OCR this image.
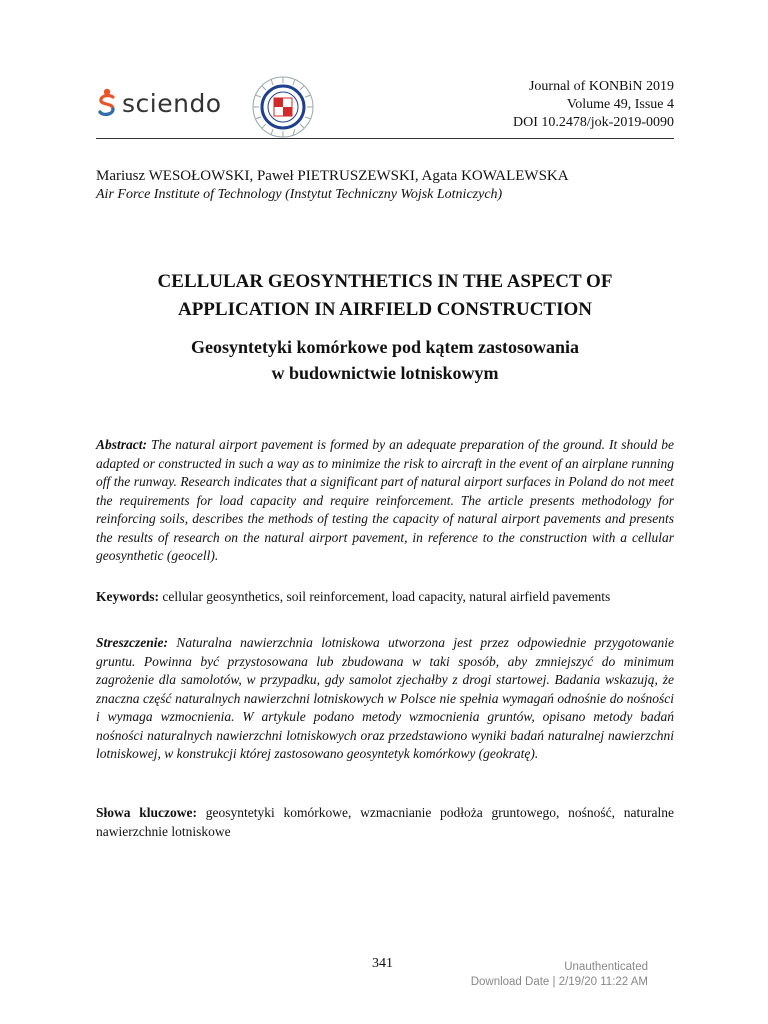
sciendo
Journal of KONBiN 2019
Volume 49, Issue 4
DOI 10.2478/jok-2019-0090
Mariusz WESOŁOWSKI, Paweł PIETRUSZEWSKI, Agata KOWALEWSKA
Air Force Institute of Technology (Instytut Techniczny Wojsk Lotniczych)
CELLULAR GEOSYNTHETICS IN THE ASPECT OF
APPLICATION IN AIRFIELD CONSTRUCTION
Geosyntetyki komórkowe pod kątem zastosowania
w budownictwie lotniskowym
Abstract: The natural airport pavement is formed by an adequate preparation of the ground. It should be adapted or constructed in such a way as to minimize the risk to aircraft in the event of an airplane running off the runway. Research indicates that a significant part of natural airport surfaces in Poland do not meet the requirements for load capacity and require reinforcement. The article presents methodology for reinforcing soils, describes the methods of testing the capacity of natural airport pavements and presents the results of research on the natural airport pavement, in reference to the construction with a cellular geosynthetic (geocell).
Keywords: cellular geosynthetics, soil reinforcement, load capacity, natural airfield pavements
Streszczenie: Naturalna nawierzchnia lotniskowa utworzona jest przez odpowiednie przygotowanie gruntu. Powinna być przystosowana lub zbudowana w taki sposób, aby zmniejszyć do minimum zagrożenie dla samolotów, w przypadku, gdy samolot zjechałby z drogi startowej. Badania wskazują, że znaczna część naturalnych nawierzchni lotniskowych w Polsce nie spełnia wymagań odnośnie do nośności i wymaga wzmocnienia. W artykule podano metody wzmocnienia gruntów, opisano metody badań nośności naturalnych nawierzchni lotniskowych oraz przedstawiono wyniki badań naturalnej nawierzchni lotniskowej, w konstrukcji której zastosowano geosyntetyk komórkowy (geokratę).
Słowa kluczowe: geosyntetyki komórkowe, wzmacnianie podłoża gruntowego, nośność, naturalne nawierzchnie lotniskowe
341	Unauthenticated
Download Date | 2/19/20 11:22 AM
